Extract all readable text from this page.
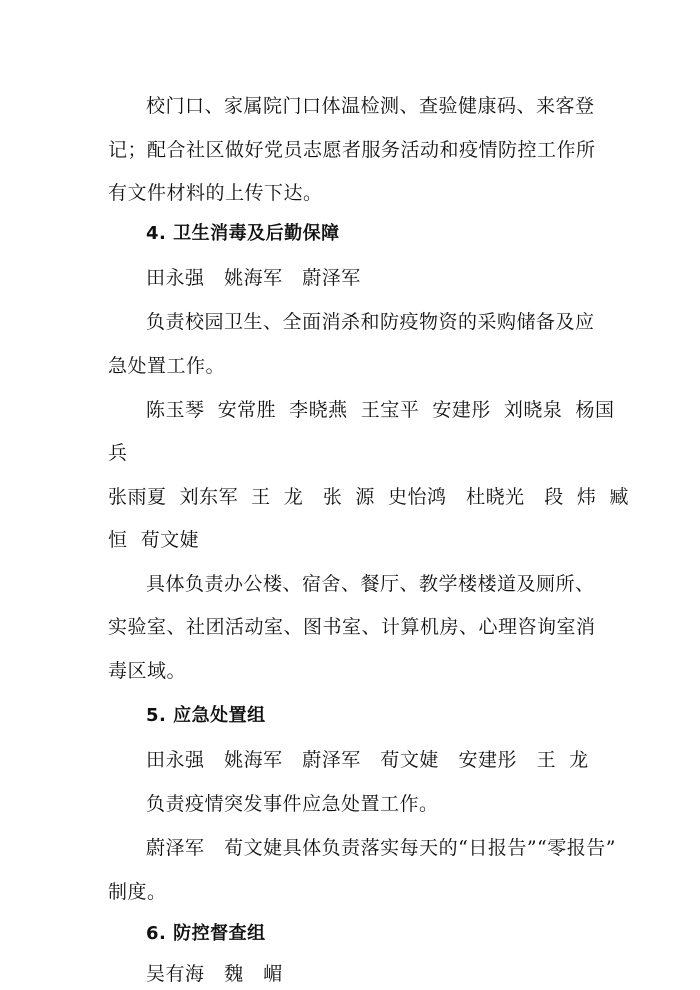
校门口、家属院门口体温检测、查验健康码、来客登
记；配合社区做好党员志愿者服务活动和疫情防控工作所
有文件材料的上传下达。
4. 卫生消毒及后勤保障
田永强   姚海军   蔚泽军
负责校园卫生、全面消杀和防疫物资的采购储备及应
急处置工作。
陈玉琴  安常胜  李晓燕  王宝平  安建彤  刘晓泉  杨国
兵
张雨夏  刘东军  王  龙   张  源  史怡鸿   杜晓光   段  炜  臧
恒  荀文婕
具体负责办公楼、宿舍、餐厅、教学楼楼道及厕所、
实验室、社团活动室、图书室、计算机房、心理咨询室消
毒区域。
5. 应急处置组
田永强   姚海军   蔚泽军   荀文婕   安建彤   王  龙
负责疫情突发事件应急处置工作。
蔚泽军   荀文婕具体负责落实每天的“日报告”“零报告”
制度。
6. 防控督查组
吴有海   魏   嵋
